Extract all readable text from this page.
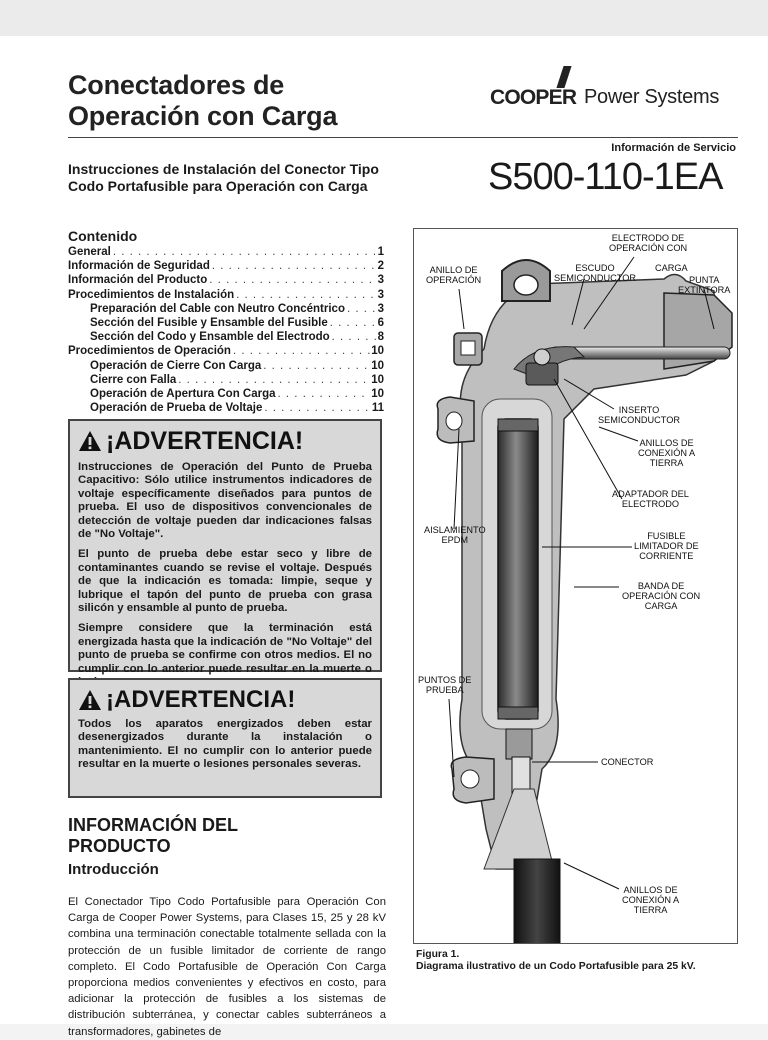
Conectadores de
Operación con Carga
COOPER Power Systems
Información de Servicio
Instrucciones de Instalación del Conector Tipo
Codo Portafusible para Operación con Carga	S500-110-1EA
Contenido
General . . .	1
Información de Seguridad . . .	2
Información del Producto . . .	3
Procedimientos de Instalación . . .	3
Preparación del Cable con Neutro Concéntrico . . .	3
Sección del Fusible y Ensamble del Fusible . . .	6
Sección del Codo y Ensamble del Electrodo . . .	8
Procedimientos de Operación . . .	10
Operación de Cierre Con Carga . . .	10
Cierre con Falla . . .	10
Operación de Apertura Con Carga . . .	10
Operación de Prueba de Voltaje . . .	11
¡ADVERTENCIA!

Instrucciones de Operación del Punto de Prueba Capacitivo: Sólo utilice instrumentos indicadores de voltaje específicamente diseñados para puntos de prueba. El uso de dispositivos convencionales de detección de voltaje pueden dar indicaciones falsas de "No Voltaje".

El punto de prueba debe estar seco y libre de contaminantes cuando se revise el voltaje. Después de que la indicación es tomada: limpie, seque y lubrique el tapón del punto de prueba con grasa silicón y ensamble al punto de prueba.

Siempre considere que la terminación está energizada hasta que la indicación de "No Voltaje" del punto de prueba se confirme con otros medios. El no cumplir con lo anterior puede resultar en la muerte o

¡ADVERTENCIA!

Todos los aparatos energizados deben estar desenergizados durante la instalación o mantenimiento. El no cumplir con lo anterior puede resultar en la muerte o lesiones personales severas.

INFORMACIÓN DEL
PRODUCTO
Introducción
El Conectador Tipo Codo Portafusible para Operación Con Carga de Cooper Power Systems, para Clases 15, 25 y 28 kV combina una terminación conectable totalmente sellada con la protección de un fusible limitador de corriente de rango completo. El Codo Portafusible de Operación Con Carga proporciona medios convenientes y efectivos en costo, para adicionar la protección de fusibles a los sistemas de distribución subterránea, y conectar cables subterráneos a transformadores, gabinetes de
ELECTRODO DE
OPERACIÓN CON
CARGA
ANILLO DE
OPERACIÓN
ESCUDO
SEMICONDUCTOR	PUNTA
EXTINTORA
INSERTO
SEMICONDUCTOR
ANILLOS DE
CONEXIÓN A
TIERRA
ADAPTADOR DEL
ELECTRODO
AISLAMIENTO
EPDM	FUSIBLE
LIMITADOR DE
CORRIENTE
BANDA DE
OPERACIÓN CON
CARGA
PUNTOS DE
PRUEBA
CONECTOR
ANILLOS DE
CONEXIÓN A
TIERRA
Figura 1.
Diagrama ilustrativo de un Codo Portafusible para 25 kV.
